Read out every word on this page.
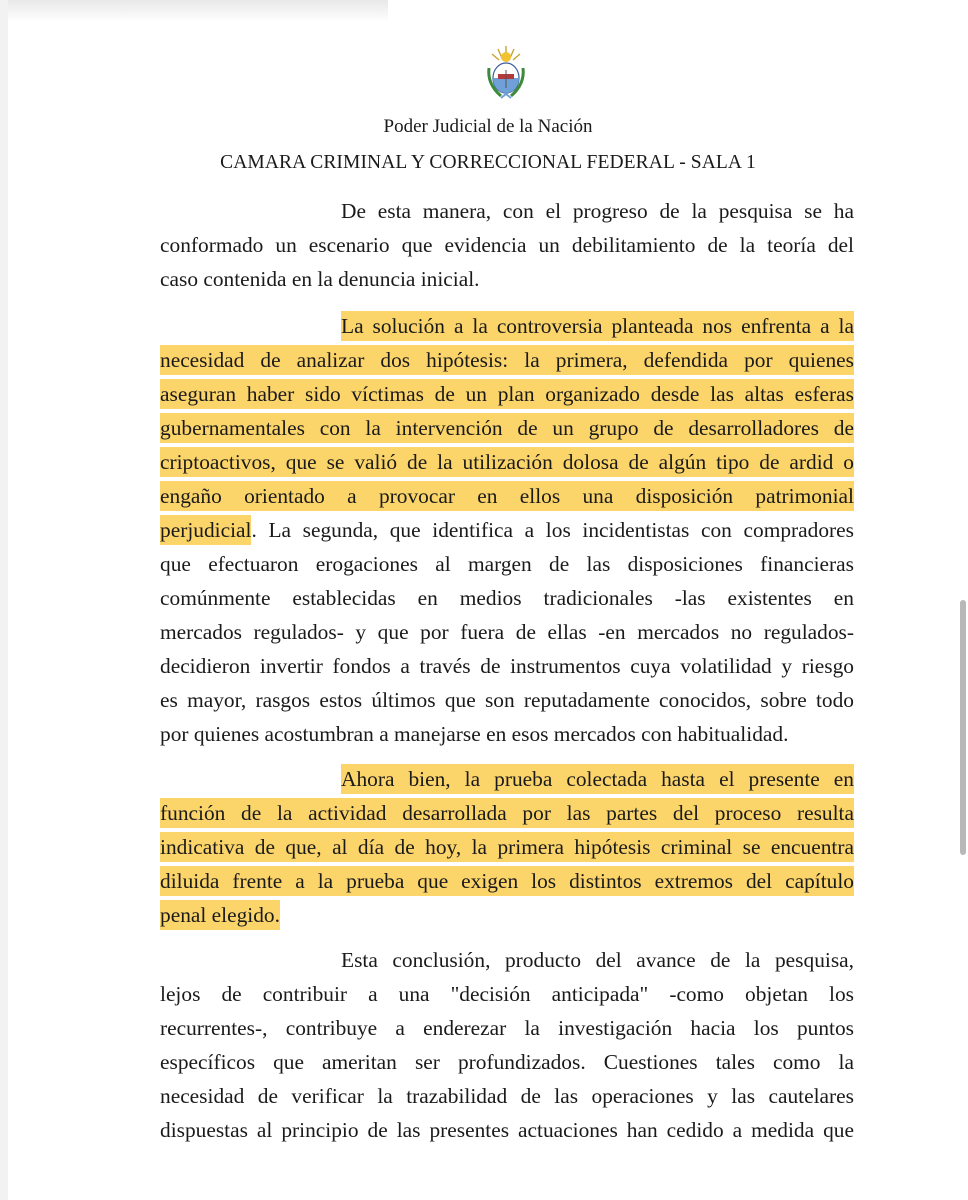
Poder Judicial de la Nación
CAMARA CRIMINAL Y CORRECCIONAL FEDERAL - SALA 1
De esta manera, con el progreso de la pesquisa se ha
conformado un escenario que evidencia un debilitamiento de la teoría del
caso contenida en la denuncia inicial.
La solución a la controversia planteada nos enfrenta a la
necesidad de analizar dos hipótesis: la primera, defendida por quienes
aseguran haber sido víctimas de un plan organizado desde las altas esferas
gubernamentales con la intervención de un grupo de desarrolladores de
criptoactivos, que se valió de la utilización dolosa de algún tipo de ardid o
engaño orientado a provocar en ellos una disposición patrimonial
perjudicial. La segunda, que identifica a los incidentistas con compradores
que efectuaron erogaciones al margen de las disposiciones financieras
comúnmente establecidas en medios tradicionales -las existentes en
mercados regulados- y que por fuera de ellas -en mercados no regulados-
decidieron invertir fondos a través de instrumentos cuya volatilidad y riesgo
es mayor, rasgos estos últimos que son reputadamente conocidos, sobre todo
por quienes acostumbran a manejarse en esos mercados con habitualidad.
Ahora bien, la prueba colectada hasta el presente en
función de la actividad desarrollada por las partes del proceso resulta
indicativa de que, al día de hoy, la primera hipótesis criminal se encuentra
diluida frente a la prueba que exigen los distintos extremos del capítulo
penal elegido.
Esta conclusión, producto del avance de la pesquisa,
lejos de contribuir a una "decisión anticipada" -como objetan los
recurrentes-, contribuye a enderezar la investigación hacia los puntos
específicos que ameritan ser profundizados. Cuestiones tales como la
necesidad de verificar la trazabilidad de las operaciones y las cautelares
dispuestas al principio de las presentes actuaciones han cedido a medida que
